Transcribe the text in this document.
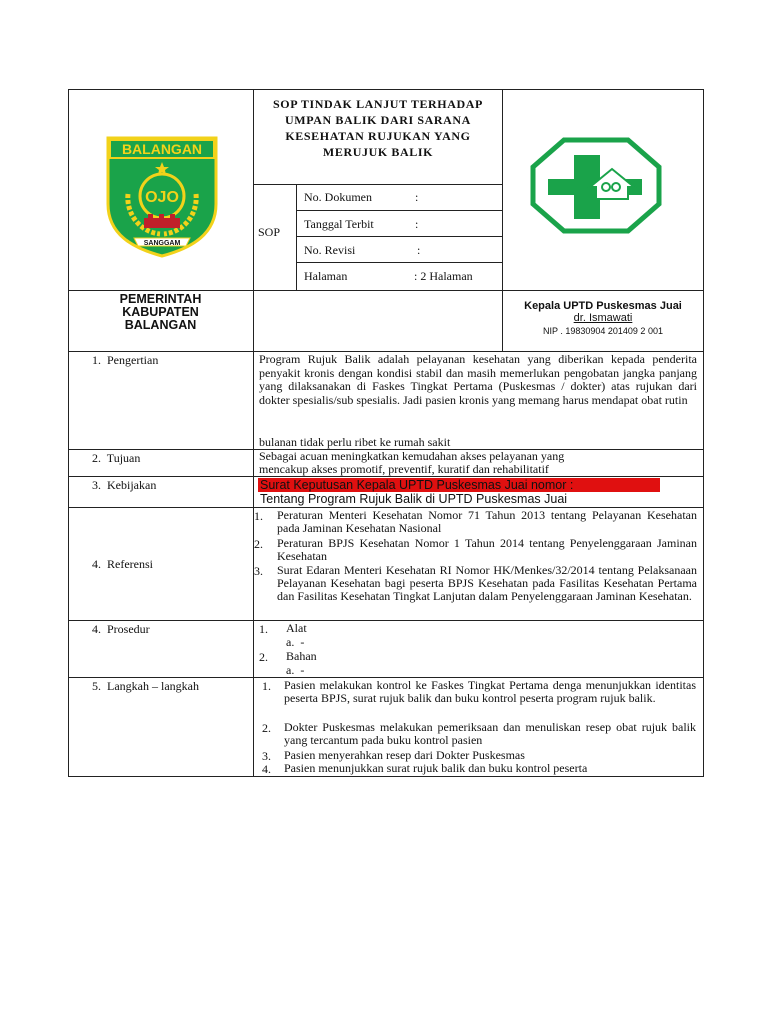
BALANGAN
OJO
SANGGAM
SOP TINDAK LANJUT TERHADAP UMPAN BALIK DARI SARANA KESEHATAN RUJUKAN YANG MERUJUK BALIK
SOP
No. Dokumen	:
Tanggal Terbit	:
No. Revisi	:
Halaman	: 2 Halaman
PEMERINTAH
KABUPATEN
BALANGAN
Kepala UPTD Puskesmas Juai
dr. Ismawati
NIP . 19830904 201409 2 001
1.  Pengertian	Program Rujuk Balik adalah pelayanan kesehatan yang diberikan kepada penderita penyakit kronis dengan kondisi stabil dan masih memerlukan pengobatan jangka panjang yang dilaksanakan di Faskes Tingkat Pertama (Puskesmas / dokter) atas rujukan dari dokter spesialis/sub spesialis. Jadi pasien kronis yang memang harus mendapat obat rutin
bulanan tidak perlu ribet ke rumah sakit
2.  Tujuan	Sebagai acuan meningkatkan kemudahan akses pelayanan yang
mencakup akses promotif, preventif, kuratif dan rehabilitatif
3.  Kebijakan	Surat Keputusan Kepala UPTD Puskesmas Juai nomor :
Tentang Program Rujuk Balik di UPTD Puskesmas Juai
4.  Referensi
1. Peraturan Menteri Kesehatan Nomor 71 Tahun 2013 tentang Pelayanan Kesehatan pada Jaminan Kesehatan Nasional
2. Peraturan BPJS Kesehatan Nomor 1 Tahun 2014 tentang Penyelenggaraan Jaminan Kesehatan
3. Surat Edaran Menteri Kesehatan RI Nomor HK/Menkes/32/2014 tentang Pelaksanaan Pelayanan Kesehatan bagi peserta BPJS Kesehatan pada Fasilitas Kesehatan Pertama dan Fasilitas Kesehatan Tingkat Lanjutan dalam Penyelenggaraan Jaminan Kesehatan.
4.  Prosedur	1. Alat
a.  -
2. Bahan
a.  -
5.  Langkah – langkah	1. Pasien melakukan kontrol ke Faskes Tingkat Pertama denga menunjukkan identitas peserta BPJS, surat rujuk balik dan buku kontrol peserta program rujuk balik.
2. Dokter Puskesmas melakukan pemeriksaan dan menuliskan resep obat rujuk balik yang tercantum pada buku kontrol pasien
3. Pasien menyerahkan resep dari Dokter Puskesmas
4. Pasien menunjukkan surat rujuk balik dan buku kontrol peserta
